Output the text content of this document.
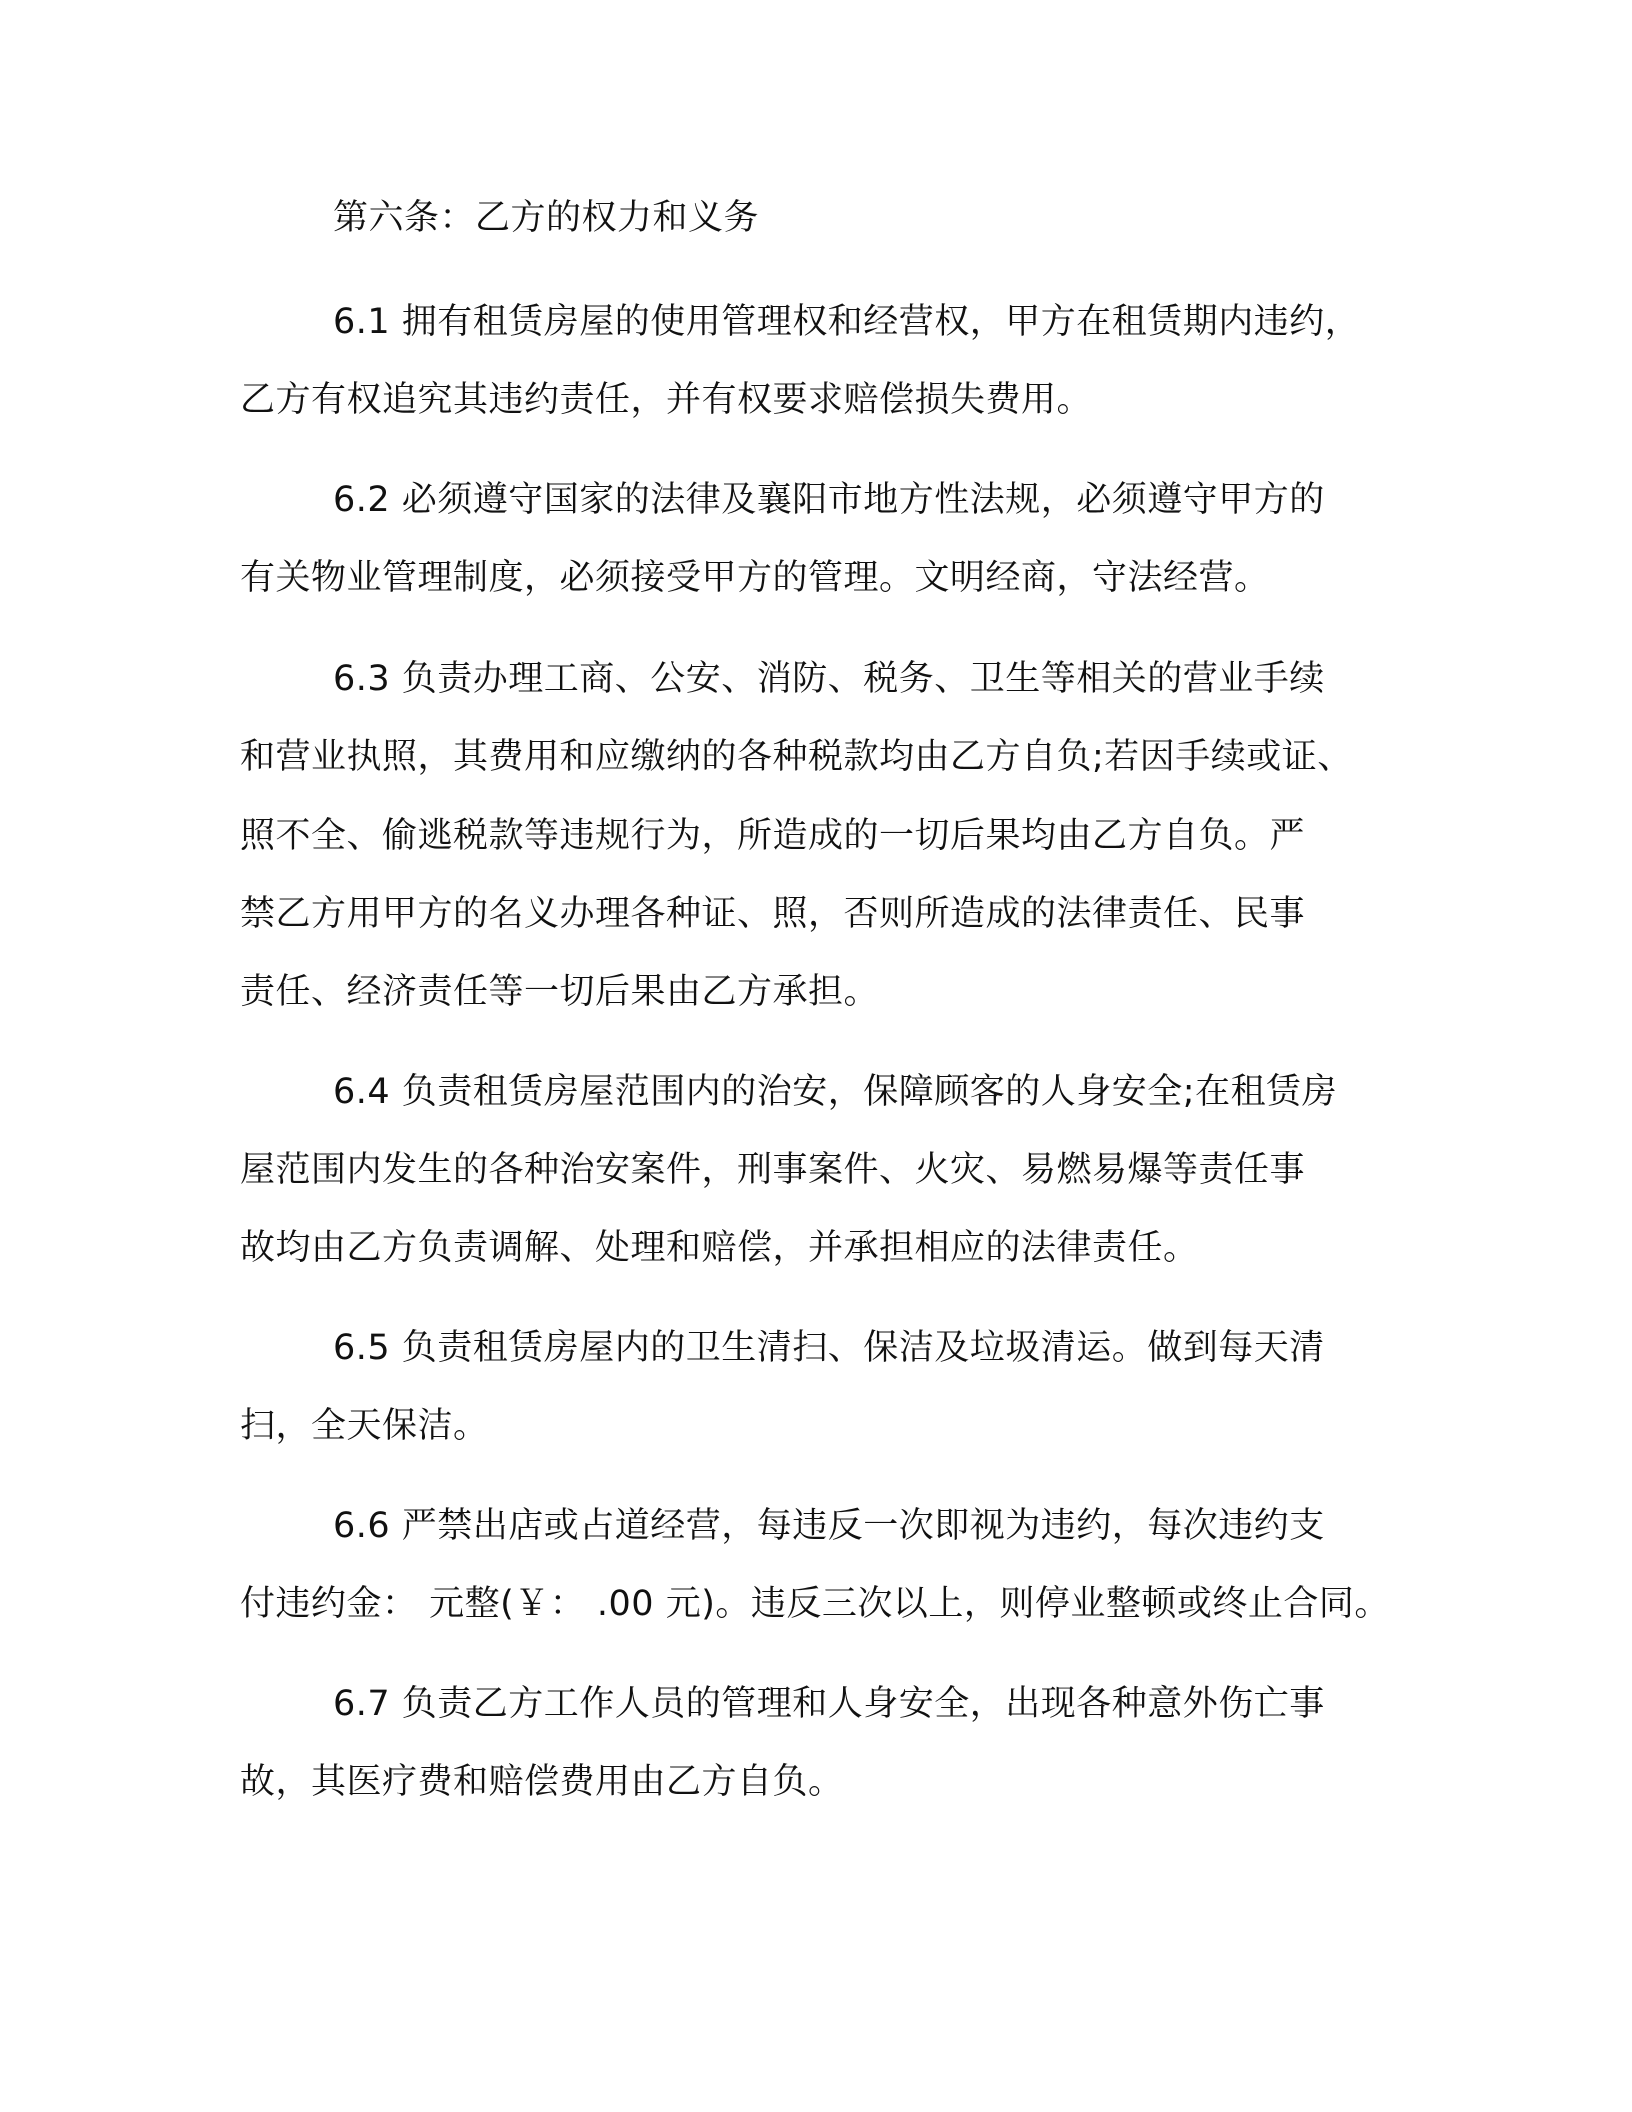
第六条：乙方的权力和义务
6.1 拥有租赁房屋的使用管理权和经营权，甲方在租赁期内违约，
乙方有权追究其违约责任，并有权要求赔偿损失费用。
6.2 必须遵守国家的法律及襄阳市地方性法规，必须遵守甲方的
有关物业管理制度，必须接受甲方的管理。文明经商，守法经营。
6.3 负责办理工商、公安、消防、税务、卫生等相关的营业手续
和营业执照，其费用和应缴纳的各种税款均由乙方自负;若因手续或证、
照不全、偷逃税款等违规行为，所造成的一切后果均由乙方自负。严
禁乙方用甲方的名义办理各种证、照，否则所造成的法律责任、民事
责任、经济责任等一切后果由乙方承担。
6.4 负责租赁房屋范围内的治安，保障顾客的人身安全;在租赁房
屋范围内发生的各种治安案件，刑事案件、火灾、易燃易爆等责任事
故均由乙方负责调解、处理和赔偿，并承担相应的法律责任。
6.5 负责租赁房屋内的卫生清扫、保洁及垃圾清运。做到每天清
扫，全天保洁。
6.6 严禁出店或占道经营，每违反一次即视为违约，每次违约支
付违约金： 元整(￥： .00 元)。违反三次以上，则停业整顿或终止合同。
6.7 负责乙方工作人员的管理和人身安全，出现各种意外伤亡事
故，其医疗费和赔偿费用由乙方自负。
